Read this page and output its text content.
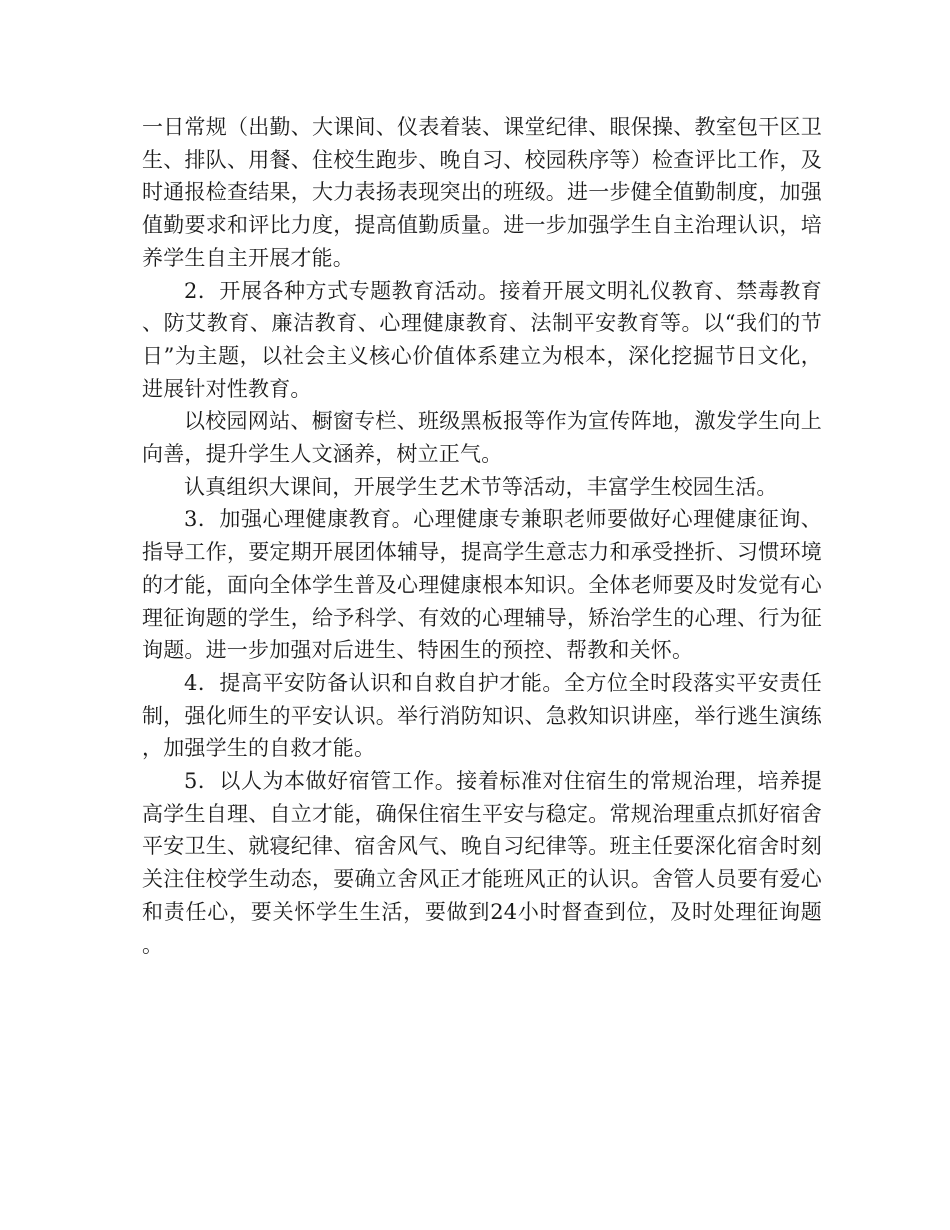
一日常规（出勤、大课间、仪表着装、课堂纪律、眼保操、教室包干区卫生、排队、用餐、住校生跑步、晚自习、校园秩序等）检查评比工作，及时通报检查结果，大力表扬表现突出的班级。进一步健全值勤制度，加强值勤要求和评比力度，提高值勤质量。进一步加强学生自主治理认识，培养学生自主开展才能。

2．开展各种方式专题教育活动。接着开展文明礼仪教育、禁毒教育、防艾教育、廉洁教育、心理健康教育、法制平安教育等。以“我们的节日”为主题，以社会主义核心价值体系建立为根本，深化挖掘节日文化，进展针对性教育。

以校园网站、橱窗专栏、班级黑板报等作为宣传阵地，激发学生向上向善，提升学生人文涵养，树立正气。

认真组织大课间，开展学生艺术节等活动，丰富学生校园生活。

3．加强心理健康教育。心理健康专兼职老师要做好心理健康征询、指导工作，要定期开展团体辅导，提高学生意志力和承受挫折、习惯环境的才能，面向全体学生普及心理健康根本知识。全体老师要及时发觉有心理征询题的学生，给予科学、有效的心理辅导，矫治学生的心理、行为征询题。进一步加强对后进生、特困生的预控、帮教和关怀。

4．提高平安防备认识和自救自护才能。全方位全时段落实平安责任制，强化师生的平安认识。举行消防知识、急救知识讲座，举行逃生演练，加强学生的自救才能。

5．以人为本做好宿管工作。接着标准对住宿生的常规治理，培养提高学生自理、自立才能，确保住宿生平安与稳定。常规治理重点抓好宿舍平安卫生、就寝纪律、宿舍风气、晚自习纪律等。班主任要深化宿舍时刻关注住校学生动态，要确立舍风正才能班风正的认识。舍管人员要有爱心和责任心，要关怀学生生活，要做到24小时督查到位，及时处理征询题。
